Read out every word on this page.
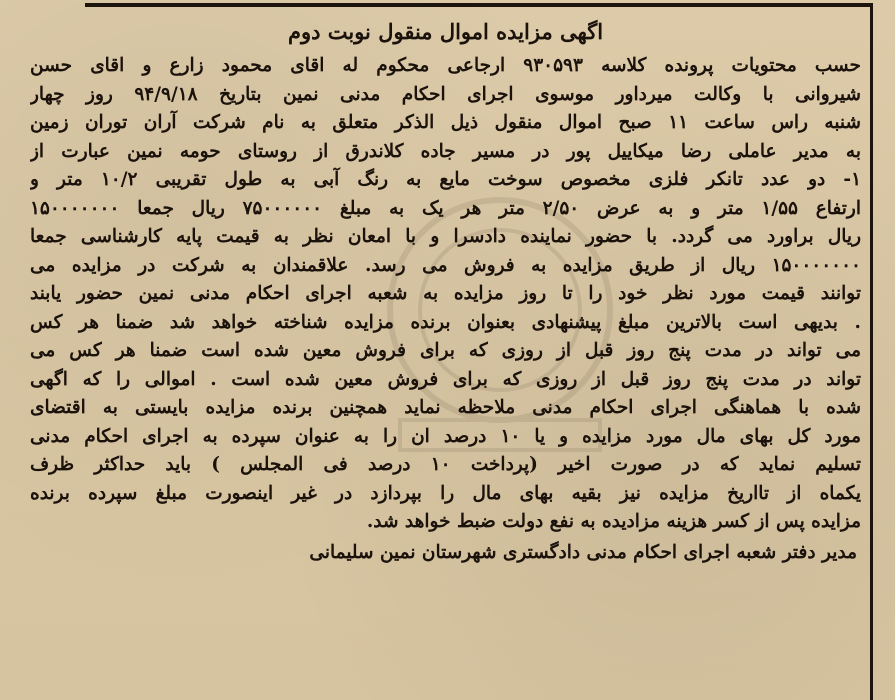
اگهی مزایده اموال منقول نوبت دوم
حسب محتویات پرونده کلاسه ۹۳۰۵۹۳ ارجاعی محکوم له اقای محمود زارع و اقای حسن
شیروانی با وکالت میرداور موسوی اجرای احکام مدنی نمین بتاریخ ۹۴/۹/۱۸ روز چهار
شنبه راس ساعت ۱۱ صبح اموال منقول ذیل الذکر متعلق به نام شرکت آران توران زمین
به مدیر عاملی رضا میکاییل پور در مسیر جاده کلاندرق از روستای حومه نمین عبارت از
۱- دو عدد تانکر فلزی مخصوص سوخت مایع به رنگ آبی به طول تقریبی ۱۰/۲ متر و
ارتفاع ۱/۵۵ متر و به عرض ۲/۵۰ متر هر یک به مبلغ ۷۵۰۰۰۰۰۰ ریال جمعا ۱۵۰۰۰۰۰۰۰
ریال براورد می گردد. با حضور نماینده دادسرا و با امعان نظر به قیمت پایه کارشناسی جمعا
۱۵۰۰۰۰۰۰۰ ریال از طریق مزایده به فروش می رسد. علاقمندان به شرکت در مزایده می
توانند قیمت مورد نظر خود را تا روز مزایده به شعبه اجرای احکام مدنی نمین حضور یابند
. بدیهی است بالاترین مبلغ پیشنهادی بعنوان برنده مزایده شناخته خواهد شد ضمنا هر کس
می تواند در مدت پنج روز قبل از روزی که برای فروش معین شده است ضمنا هر کس می
تواند در مدت پنج روز قبل از روزی که برای فروش معین شده است . اموالی را که اگهی
شده با هماهنگی اجرای احکام مدنی ملاحظه نماید همچنین برنده مزایده بایستی به اقتضای
مورد کل بهای مال مورد مزایده و یا ۱۰ درصد ان را به عنوان سپرده به اجرای احکام مدنی
تسلیم نماید که در صورت اخیر (پرداخت ۱۰ درصد فی المجلس ) باید حداکثر ظرف
یکماه از تااریخ مزایده نیز بقیه بهای مال را بپردازد در غیر اینصورت مبلغ سپرده برنده
مزایده پس از کسر هزینه مزادیده به نفع دولت ضبط خواهد شد.
مدیر دفتر شعبه اجرای احکام مدنی دادگستری شهرستان نمین سلیمانی
